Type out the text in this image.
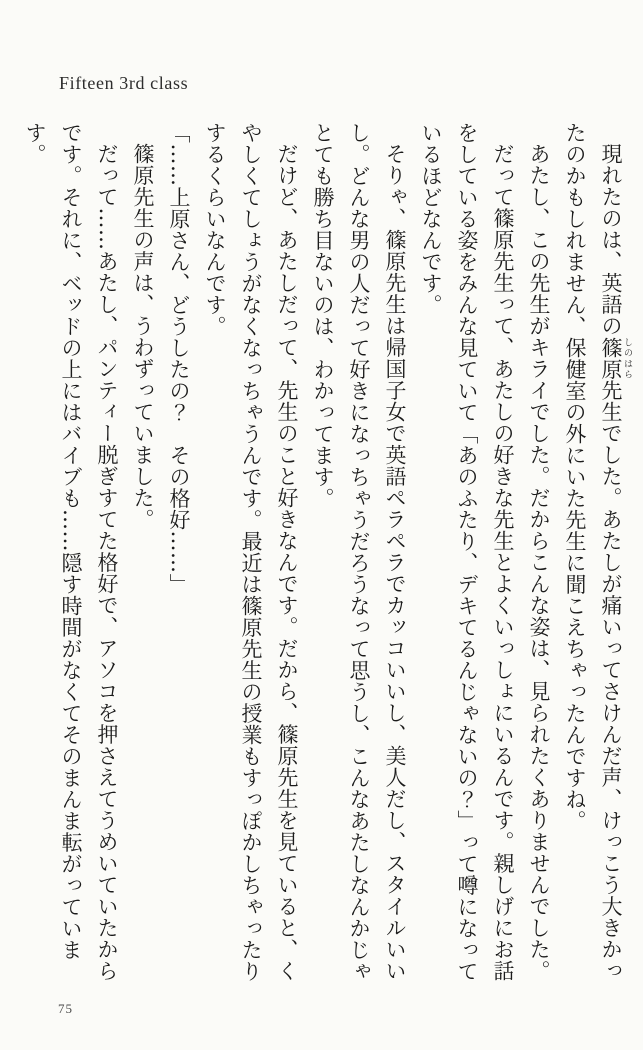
Fifteen 3rd class

現れたのは、英語の篠原 しのはら先生でした。あたしが痛いってさけんだ声、けっこう大きかったのかもしれません、保健室の外にいた先生に聞こえちゃったんですね。

あたし、この先生がキライでした。だからこんな姿は、見られたくありませんでした。

だって篠原先生って、あたしの好きな先生とよくいっしょにいるんです。親しげにお話をしている姿をみんな見ていて「あのふたり、デキてるんじゃないの？」って噂になっているほどなんです。

そりゃ、篠原先生は帰国子女で英語ペラペラでカッコいいし、美人だし、スタイルいいし。どんな男の人だって好きになっちゃうだろうなって思うし、こんなあたしなんかじゃとても勝ち目ないのは、わかってます。

だけど、あたしだって、先生のこと好きなんです。だから、篠原先生を見ていると、くやしくてしょうがなくなっちゃうんです。最近は篠原先生の授業もすっぽかしちゃったりするくらいなんです。

「……上原さん、どうしたの？　その格好……」

篠原先生の声は、うわずっていました。

だって……あたし、パンティー脱ぎすてた格好で、アソコを押さえてうめいていたからです。それに、ベッドの上にはバイブも……隠す時間がなくてそのまんま転がっています。

75
